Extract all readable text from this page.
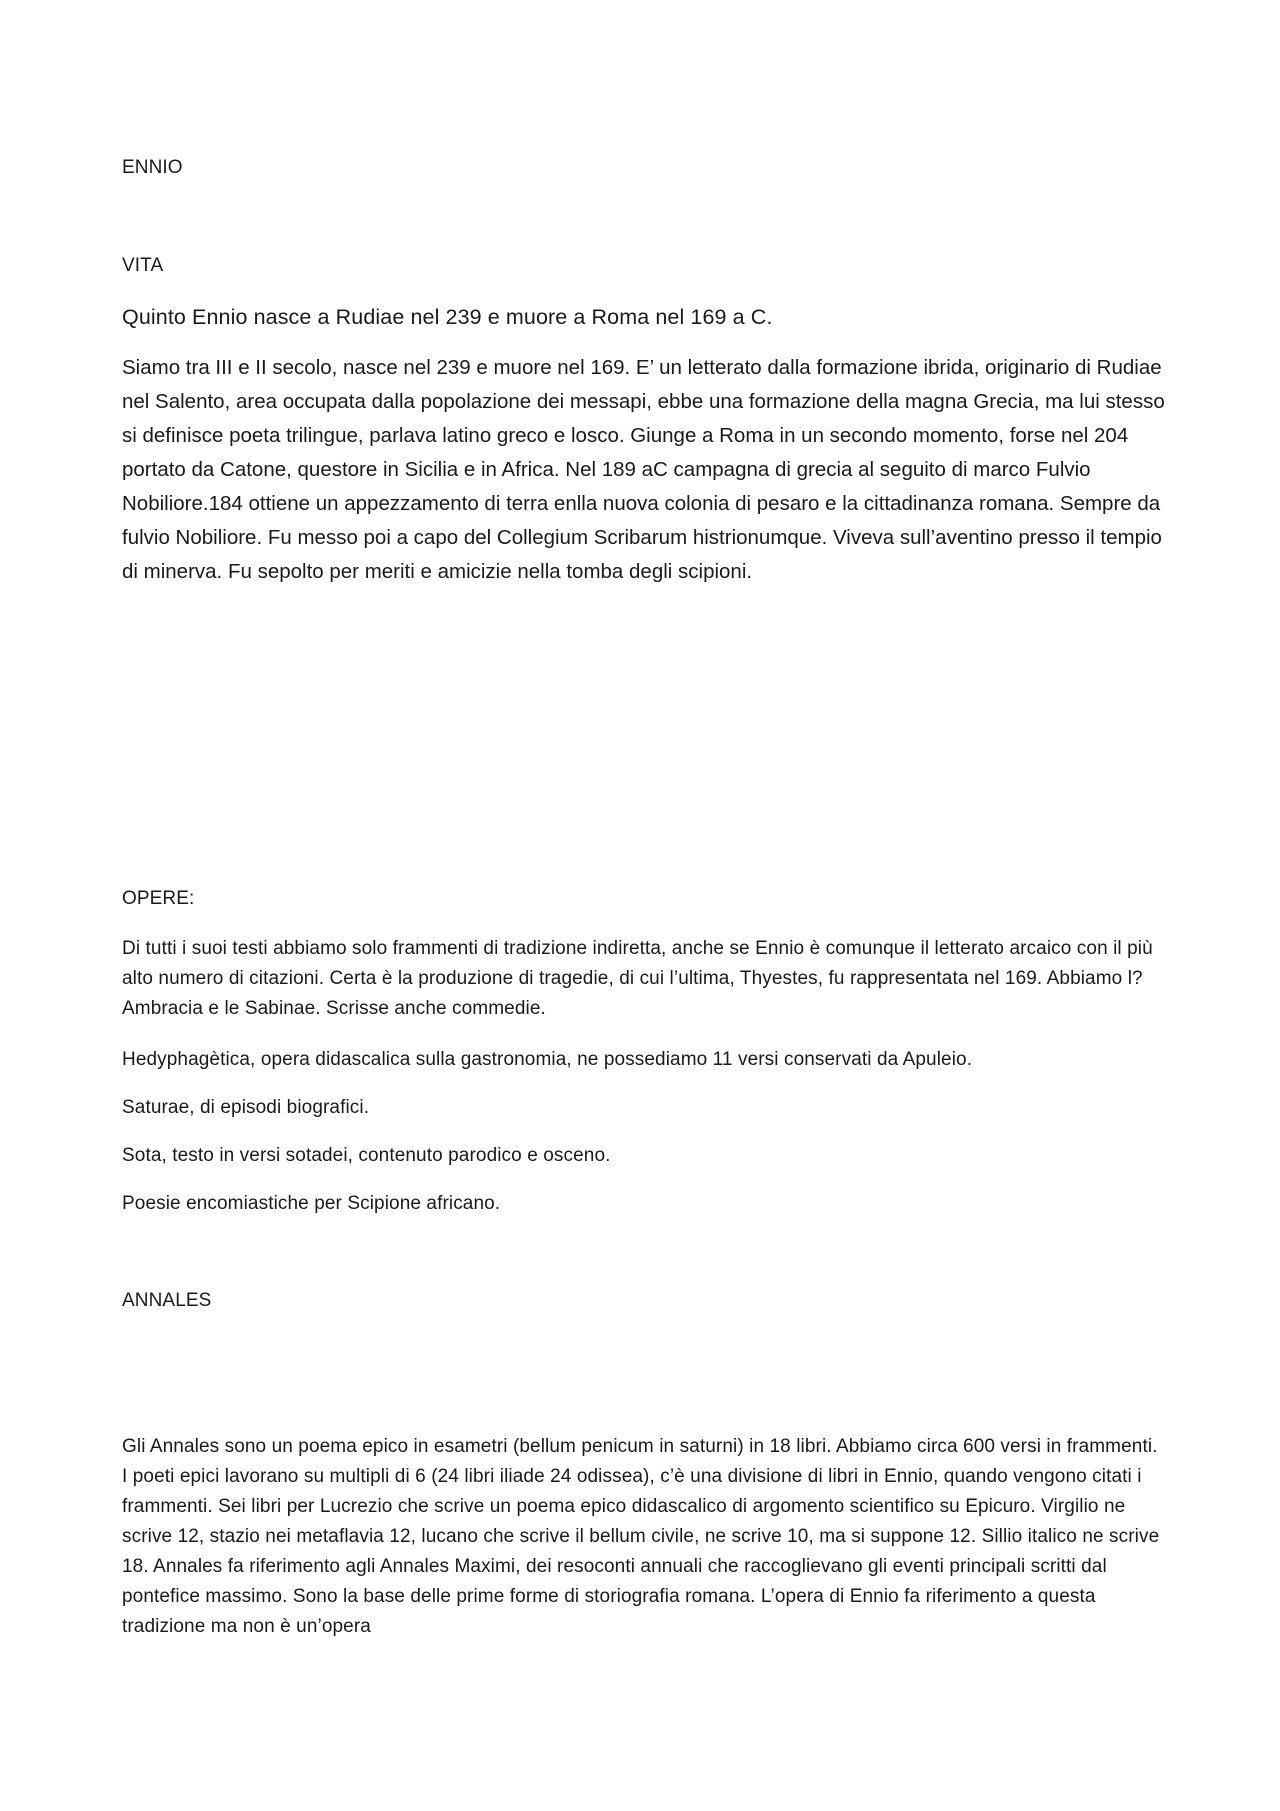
ENNIO

VITA

Quinto Ennio nasce a Rudiae nel 239 e muore a Roma nel 169 a C.

Siamo tra III e II secolo, nasce nel 239 e muore nel 169. E’ un letterato dalla formazione ibrida, originario di Rudiae nel Salento, area occupata dalla popolazione dei messapi, ebbe una formazione della magna Grecia, ma lui stesso si definisce poeta trilingue, parlava latino greco e losco. Giunge a Roma in un secondo momento, forse nel 204 portato da Catone, questore in Sicilia e in Africa. Nel 189 aC campagna di grecia al seguito di marco Fulvio Nobiliore.184 ottiene un appezzamento di terra enlla nuova colonia di pesaro e la cittadinanza romana. Sempre da fulvio Nobiliore. Fu messo poi a capo del Collegium Scribarum histrionumque. Viveva sull’aventino presso il tempio di minerva. Fu sepolto per meriti e amicizie nella tomba degli scipioni.

OPERE:

Di tutti i suoi testi abbiamo solo frammenti di tradizione indiretta, anche se Ennio è comunque il letterato arcaico con il più alto numero di citazioni. Certa è la produzione di tragedie, di cui l’ultima, Thyestes, fu rappresentata nel 169. Abbiamo l?Ambracia e le Sabinae. Scrisse anche commedie.

Hedyphagètica, opera didascalica sulla gastronomia, ne possediamo 11 versi conservati da Apuleio.

Saturae, di episodi biografici.

Sota, testo in versi sotadei, contenuto parodico e osceno.

Poesie encomiastiche per Scipione africano.

ANNALES

Gli Annales sono un poema epico in esametri (bellum penicum in saturni) in 18 libri. Abbiamo circa 600 versi in frammenti. I poeti epici lavorano su multipli di 6 (24 libri iliade 24 odissea), c’è una divisione di libri in Ennio, quando vengono citati i frammenti. Sei libri per Lucrezio che scrive un poema epico didascalico di argomento scientifico su Epicuro. Virgilio ne scrive 12, stazio nei metaflavia 12, lucano che scrive il bellum civile, ne scrive 10, ma si suppone 12. Sillio italico ne scrive 18. Annales fa riferimento agli Annales Maximi, dei resoconti annuali che raccoglievano gli eventi principali scritti dal pontefice massimo. Sono la base delle prime forme di storiografia romana. L’opera di Ennio fa riferimento a questa tradizione ma non è un’opera
